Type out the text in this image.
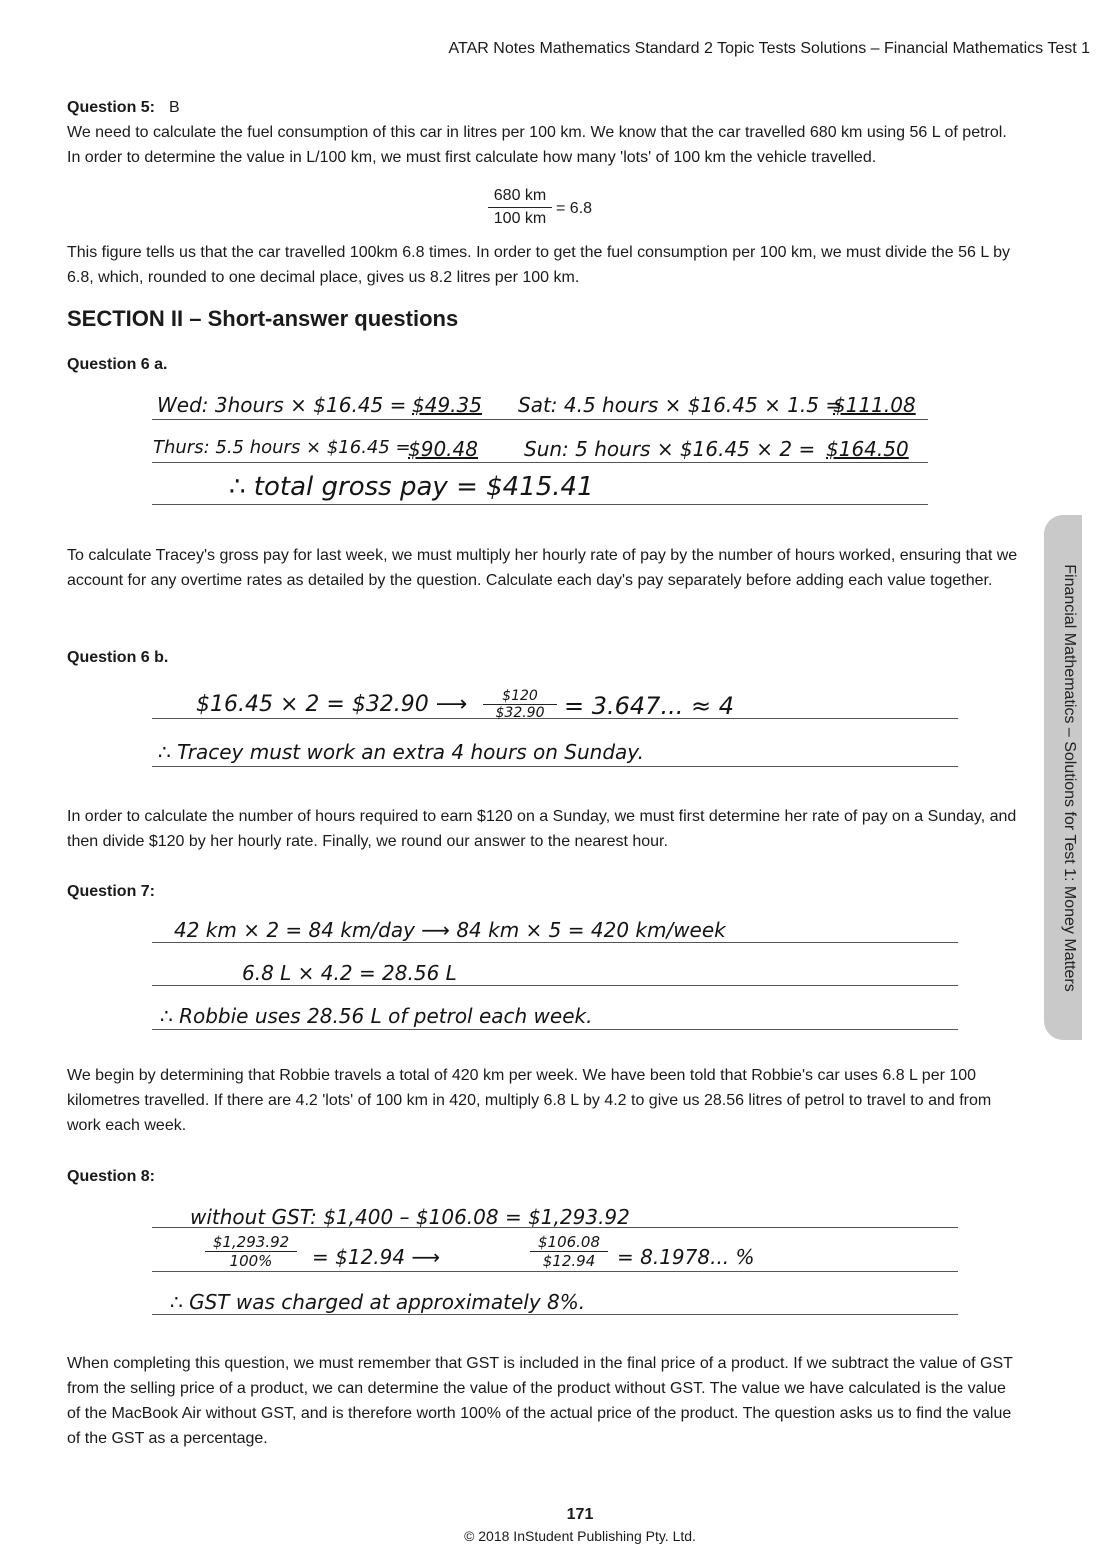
ATAR Notes Mathematics Standard 2 Topic Tests Solutions – Financial Mathematics Test 1
Question 5: B
We need to calculate the fuel consumption of this car in litres per 100 km. We know that the car travelled 680 km using 56 L of petrol. In order to determine the value in L/100 km, we must first calculate how many 'lots' of 100 km the vehicle travelled.
$\frac{680 km}{100 km} = 6.8$
This figure tells us that the car travelled 100km 6.8 times. In order to get the fuel consumption per 100 km, we must divide the 56 L by 6.8, which, rounded to one decimal place, gives us 8.2 litres per 100 km.
SECTION II – Short-answer questions
Question 6 a.
Wed: 3hours × $16.45 = $49.35 Sat: 4.5 hours × $16.45 × 1.5 =
$111.08
Thurs: 5.5 hours × $16.45 =
$90.48 Sun: 5 hours × $16.45 × 2 = $164.50
∴ total gross pay = $415.41
To calculate Tracey's gross pay for last week, we must multiply her hourly rate of pay by the number of hours worked, ensuring that we account for any overtime rates as detailed by the question. Calculate each day's pay separately before adding each value together.
Question 6 b.
$16.45 × 2 = $32.90 ⟶ $\frac{\$120}{\$32.90} = 3.647$... ≈ 4
∴ Tracey must work an extra 4 hours on Sunday.
In order to calculate the number of hours required to earn $120 on a Sunday, we must first determine her rate of pay on a Sunday, and then divide $120 by her hourly rate. Finally, we round our answer to the nearest hour.
Question 7:
42 km × 2 = 84 km/day ⟶ 84 km × 5 = 420 km/week
6.8 L × 4.2 = 28.56 L
∴ Robbie uses 28.56 L of petrol each week.
We begin by determining that Robbie travels a total of 420 km per week. We have been told that Robbie's car uses 6.8 L per 100 kilometres travelled. If there are 4.2 'lots' of 100 km in 420, multiply 6.8 L by 4.2 to give us 28.56 litres of petrol to travel to and from work each week.
Question 8:
without GST: $1,400 – $106.08 = $1,293.92
$\frac{\$1,293.92}{100\%}$ = $12.94 ⟶	$\frac{\$106.08}{\$12.94} = 8.1978$... %
∴ GST was charged at approximately 8%.
When completing this question, we must remember that GST is included in the final price of a product. If we subtract the value of GST from the selling price of a product, we can determine the value of the product without GST. The value we have calculated is the value of the MacBook Air without GST, and is therefore worth 100% of the actual price of the product. The question asks us to find the value of the GST as a percentage.
Financial Mathematics – Solutions for Test 1: Money Matters
171
© 2018 InStudent Publishing Pty. Ltd.
